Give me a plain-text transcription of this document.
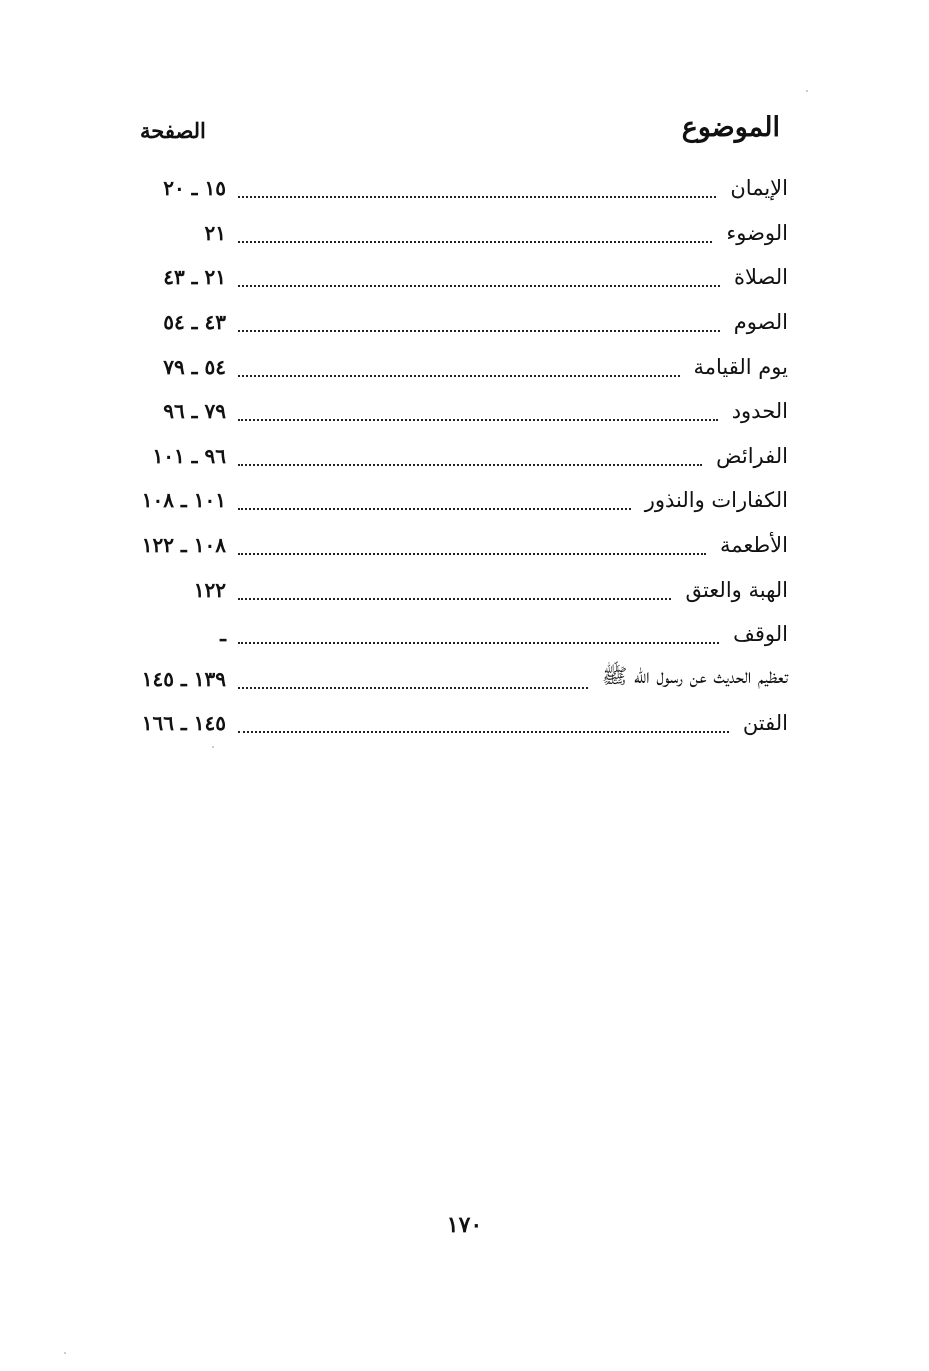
الموضوع
الصفحة
الإيمان
١٥ ـ ٢٠
الوضوء
٢١
الصلاة
٢١ ـ ٤٣
الصوم
٤٣ ـ ٥٤
يوم القيامة
٥٤ ـ ٧٩
الحدود
٧٩ ـ ٩٦
الفرائض
٩٦ ـ ١٠١
الكفارات والنذور
١٠١ ـ ١٠٨
الأطعمة
١٠٨ ـ ١٢٢
الهبة والعتق
١٢٢
الوقف
ـ
تعظيم الحديث عن رسول الله ﷺ
١٣٩ ـ ١٤٥
الفتن
١٤٥ ـ ١٦٦
١٧٠
